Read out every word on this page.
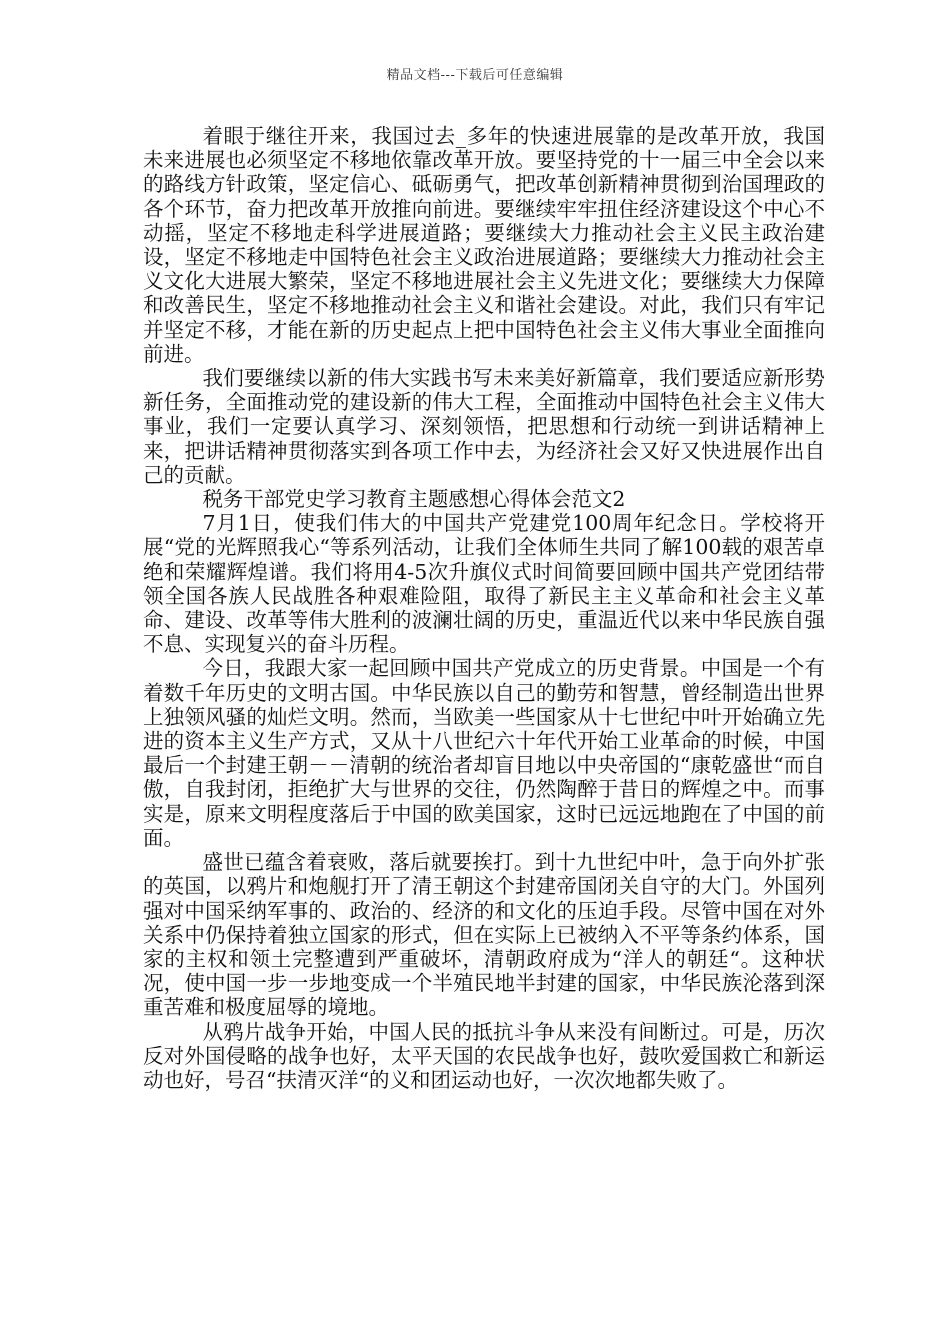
精品文档---下载后可任意编辑

着眼于继往开来，我国过去_多年的快速进展靠的是改革开放，我国未来进展也必须坚定不移地依靠改革开放。要坚持党的十一届三中全会以来的路线方针政策，坚定信心、砥砺勇气，把改革创新精神贯彻到治国理政的各个环节，奋力把改革开放推向前进。要继续牢牢扭住经济建设这个中心不动摇，坚定不移地走科学进展道路；要继续大力推动社会主义民主政治建设，坚定不移地走中国特色社会主义政治进展道路；要继续大力推动社会主义文化大进展大繁荣，坚定不移地进展社会主义先进文化；要继续大力保障和改善民生，坚定不移地推动社会主义和谐社会建设。对此，我们只有牢记并坚定不移，才能在新的历史起点上把中国特色社会主义伟大事业全面推向前进。

我们要继续以新的伟大实践书写未来美好新篇章，我们要适应新形势新任务，全面推动党的建设新的伟大工程，全面推动中国特色社会主义伟大事业，我们一定要认真学习、深刻领悟，把思想和行动统一到讲话精神上来，把讲话精神贯彻落实到各项工作中去，为经济社会又好又快进展作出自己的贡献。

税务干部党史学习教育主题感想心得体会范文2

7月1日，使我们伟大的中国共产党建党100周年纪念日。学校将开展“党的光辉照我心“等系列活动，让我们全体师生共同了解100载的艰苦卓绝和荣耀辉煌谱。我们将用4-5次升旗仪式时间简要回顾中国共产党团结带领全国各族人民战胜各种艰难险阻，取得了新民主主义革命和社会主义革命、建设、改革等伟大胜利的波澜壮阔的历史，重温近代以来中华民族自强不息、实现复兴的奋斗历程。

今日，我跟大家一起回顾中国共产党成立的历史背景。中国是一个有着数千年历史的文明古国。中华民族以自己的勤劳和智慧，曾经制造出世界上独领风骚的灿烂文明。然而，当欧美一些国家从十七世纪中叶开始确立先进的资本主义生产方式，又从十八世纪六十年代开始工业革命的时候，中国最后一个封建王朝－－清朝的统治者却盲目地以中央帝国的“康乾盛世“而自傲，自我封闭，拒绝扩大与世界的交往，仍然陶醉于昔日的辉煌之中。而事实是，原来文明程度落后于中国的欧美国家，这时已远远地跑在了中国的前面。

盛世已蕴含着衰败，落后就要挨打。到十九世纪中叶，急于向外扩张的英国，以鸦片和炮舰打开了清王朝这个封建帝国闭关自守的大门。外国列强对中国采纳军事的、政治的、经济的和文化的压迫手段。尽管中国在对外关系中仍保持着独立国家的形式，但在实际上已被纳入不平等条约体系，国家的主权和领土完整遭到严重破坏，清朝政府成为“洋人的朝廷“。这种状况，使中国一步一步地变成一个半殖民地半封建的国家，中华民族沦落到深重苦难和极度屈辱的境地。

从鸦片战争开始，中国人民的抵抗斗争从来没有间断过。可是，历次反对外国侵略的战争也好，太平天国的农民战争也好，鼓吹爱国救亡和新运动也好，号召“扶清灭洋“的义和团运动也好，一次次地都失败了。
